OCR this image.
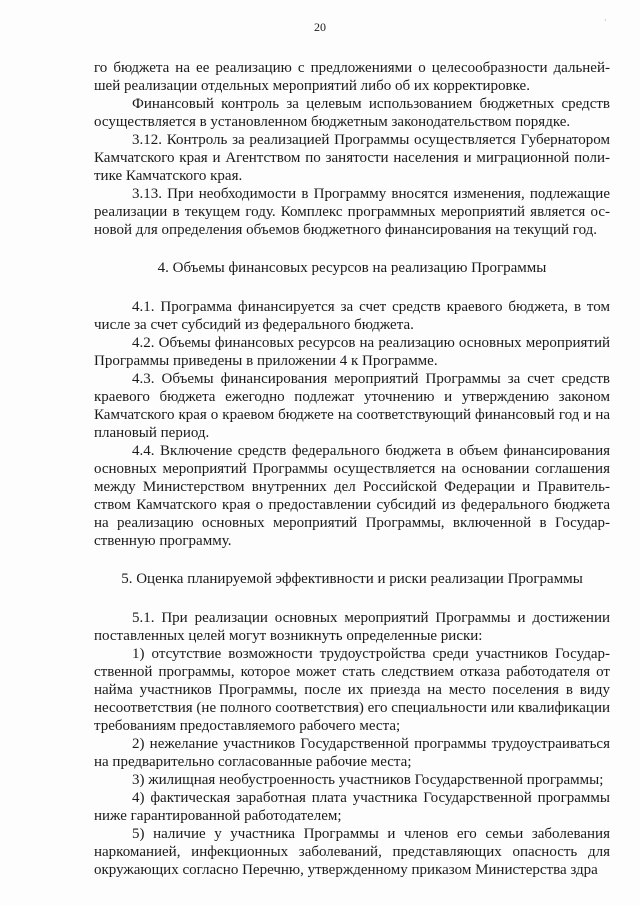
20	·

го бюджета на ее реализацию с предложениями о целесообразности дальнейшей реализации отдельных мероприятий либо об их корректировке.

Финансовый контроль за целевым использованием бюджетных средств осуществляется в установленном бюджетным законодательством порядке.

3.12. Контроль за реализацией Программы осуществляется Губернатором Камчатского края и Агентством по занятости населения и миграционной политике Камчатского края.

3.13. При необходимости в Программу вносятся изменения, подлежащие реализации в текущем году. Комплекс программных мероприятий является основой для определения объемов бюджетного финансирования на текущий год.

4. Объемы финансовых ресурсов на реализацию Программы

4.1. Программа финансируется за счет средств краевого бюджета, в том числе за счет субсидий из федерального бюджета.

4.2. Объемы финансовых ресурсов на реализацию основных мероприятий Программы приведены в приложении 4 к Программе.

4.3. Объемы финансирования мероприятий Программы за счет средств краевого бюджета ежегодно подлежат уточнению и утверждению законом Камчатского края о краевом бюджете на соответствующий финансовый год и на плановый период.

4.4. Включение средств федерального бюджета в объем финансирования основных мероприятий Программы осуществляется на основании соглашения между Министерством внутренних дел Российской Федерации и Правительством Камчатского края о предоставлении субсидий из федерального бюджета на реализацию основных мероприятий Программы, включенной в Государственную программу.

5. Оценка планируемой эффективности и риски реализации Программы

5.1. При реализации основных мероприятий Программы и достижении поставленных целей могут возникнуть определенные риски:

1) отсутствие возможности трудоустройства среди участников Государственной программы, которое может стать следствием отказа работодателя от найма участников Программы, после их приезда на место поселения в виду несоответствия (не полного соответствия) его специальности или квалификации требованиям предоставляемого рабочего места;

2) нежелание участников Государственной программы трудоустраиваться на предварительно согласованные рабочие места;

3) жилищная необустроенность участников Государственной программы;

4) фактическая заработная плата участника Государственной программы ниже гарантированной работодателем;

5) наличие у участника Программы и членов его семьи заболевания наркоманией, инфекционных заболеваний, представляющих опасность для окружающих согласно Перечню, утвержденному приказом Министерства здра
